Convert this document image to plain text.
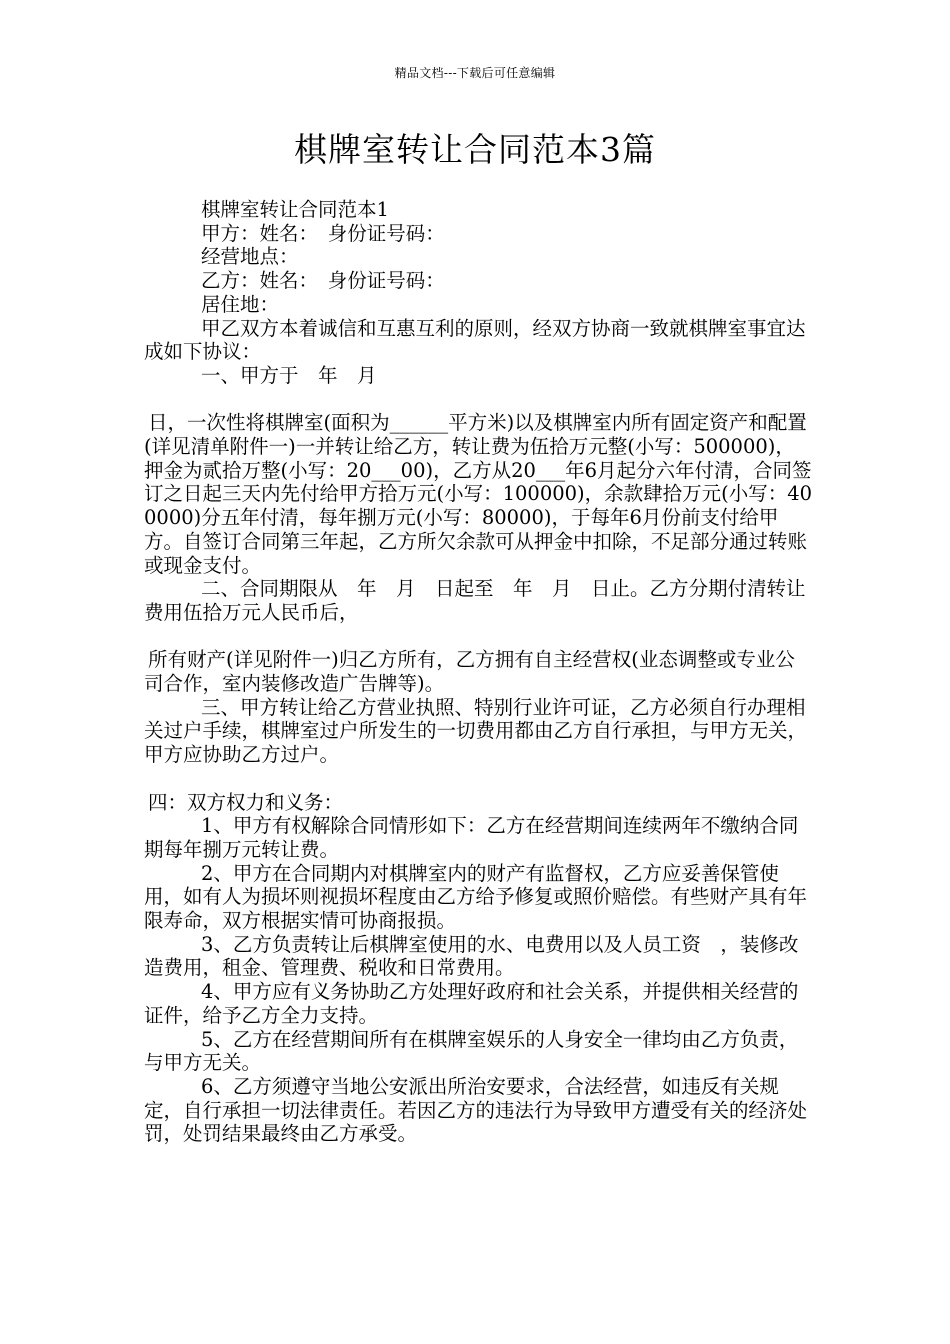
精品文档---下载后可任意编辑
棋牌室转让合同范本3篇

棋牌室转让合同范本1

甲方：姓名：　身份证号码：

经营地点：

乙方：姓名：　身份证号码：

居住地：

甲乙双方本着诚信和互惠互利的原则，经双方协商一致就棋牌室事宜达成如下协议：

一、甲方于　年　月

日，一次性将棋牌室(面积为______平方米)以及棋牌室内所有固定资产和配置(详见清单附件一)一并转让给乙方，转让费为伍拾万元整(小写：500000)，押金为贰拾万整(小写：20___00)，乙方从20___年6月起分六年付清，合同签订之日起三天内先付给甲方拾万元(小写：100000)，余款肆拾万元(小写：400000)分五年付清，每年捌万元(小写：80000)，于每年6月份前支付给甲方。自签订合同第三年起，乙方所欠余款可从押金中扣除，不足部分通过转账或现金支付。

二、合同期限从　年　月　日起至　年　月　日止。乙方分期付清转让费用伍拾万元人民币后，

所有财产(详见附件一)归乙方所有，乙方拥有自主经营权(业态调整或专业公司合作，室内装修改造广告牌等)。

三、甲方转让给乙方营业执照、特别行业许可证，乙方必须自行办理相关过户手续，棋牌室过户所发生的一切费用都由乙方自行承担，与甲方无关，甲方应协助乙方过户。

四：双方权力和义务：

1、甲方有权解除合同情形如下：乙方在经营期间连续两年不缴纳合同期每年捌万元转让费。

2、甲方在合同期内对棋牌室内的财产有监督权，乙方应妥善保管使用，如有人为损坏则视损坏程度由乙方给予修复或照价赔偿。有些财产具有年限寿命，双方根据实情可协商报损。

3、乙方负责转让后棋牌室使用的水、电费用以及人员工资　，装修改造费用，租金、管理费、税收和日常费用。

4、甲方应有义务协助乙方处理好政府和社会关系，并提供相关经营的证件，给予乙方全力支持。

5、乙方在经营期间所有在棋牌室娱乐的人身安全一律均由乙方负责，与甲方无关。

6、乙方须遵守当地公安派出所治安要求，合法经营，如违反有关规定，自行承担一切法律责任。若因乙方的违法行为导致甲方遭受有关的经济处罚，处罚结果最终由乙方承受。
